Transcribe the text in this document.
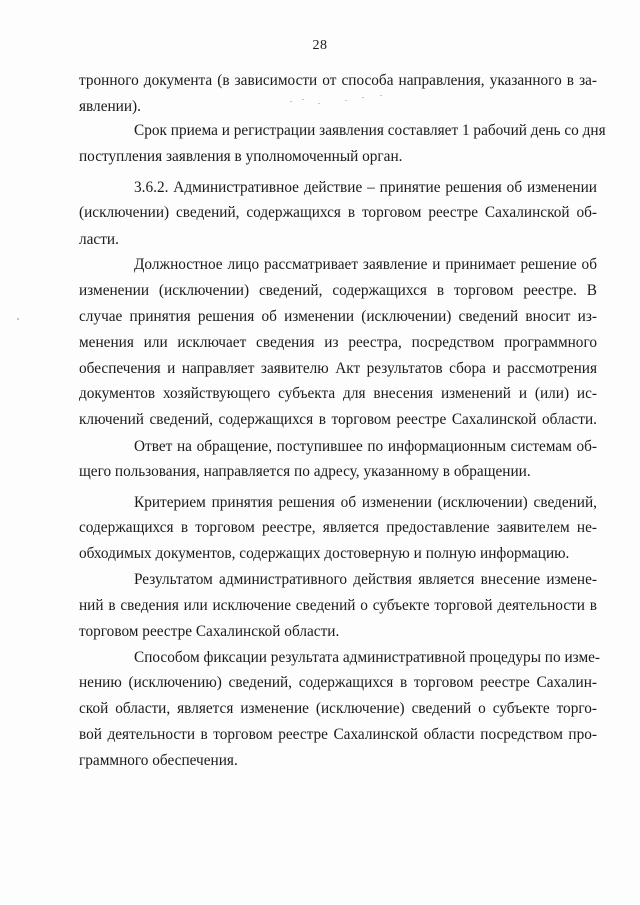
28
тронного документа (в зависимости от способа направления, указанного в за-
явлении).
Срок приема и регистрации заявления составляет 1 рабочий день со дня
поступления заявления в уполномоченный орган.
3.6.2. Административное действие – принятие решения об изменении
(исключении) сведений, содержащихся в торговом реестре Сахалинской об-
ласти.
Должностное лицо рассматривает заявление и принимает решение об
изменении (исключении) сведений, содержащихся в торговом реестре. В
случае принятия решения об изменении (исключении) сведений вносит из-
менения или исключает сведения из реестра, посредством программного
обеспечения и направляет заявителю Акт результатов сбора и рассмотрения
документов хозяйствующего субъекта для внесения изменений и (или) ис-
ключений сведений, содержащихся в торговом реестре Сахалинской области.
Ответ на обращение, поступившее по информационным системам об-
щего пользования, направляется по адресу, указанному в обращении.
Критерием принятия решения об изменении (исключении) сведений,
содержащихся в торговом реестре, является предоставление заявителем не-
обходимых документов, содержащих достоверную и полную информацию.
Результатом административного действия является внесение измене-
ний в сведения или исключение сведений о субъекте торговой деятельности в
торговом реестре Сахалинской области.
Способом фиксации результата административной процедуры по изме-
нению (исключению) сведений, содержащихся в торговом реестре Сахалин-
ской области, является изменение (исключение) сведений о субъекте торго-
вой деятельности в торговом реестре Сахалинской области посредством про-
граммного обеспечения.
